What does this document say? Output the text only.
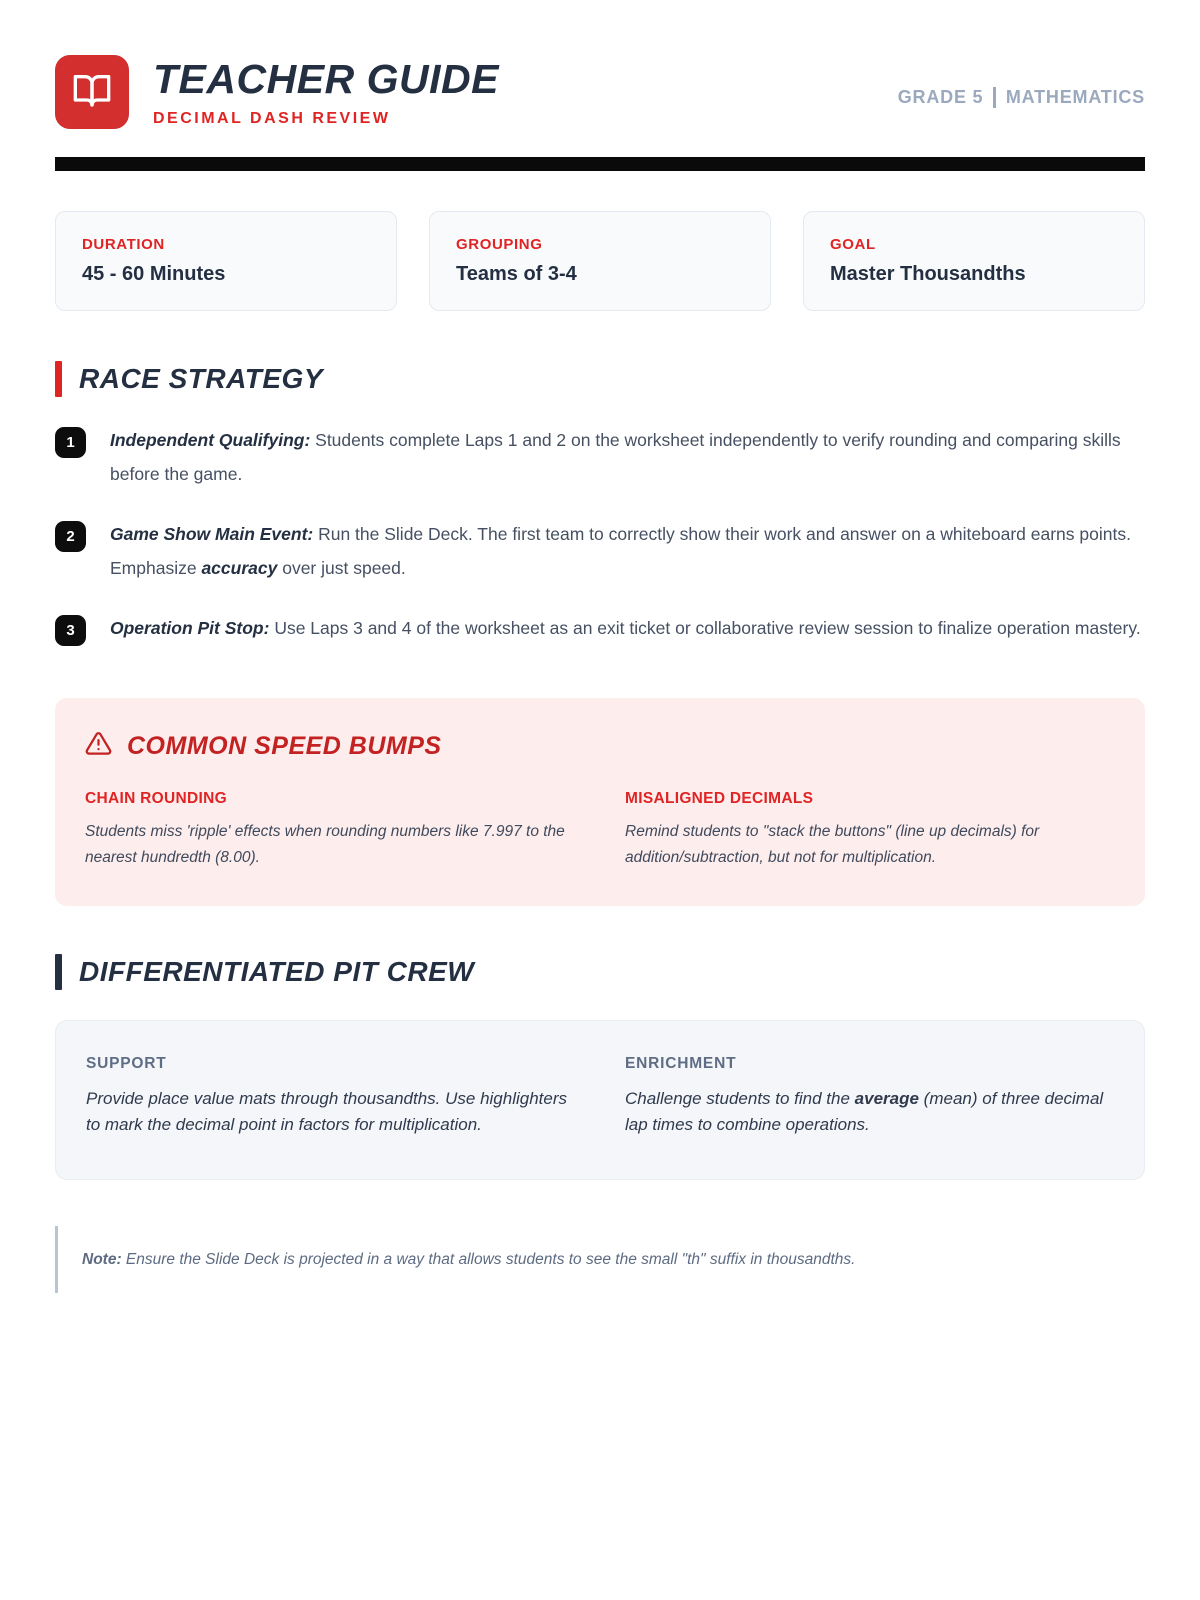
TEACHER GUIDE
DECIMAL DASH REVIEW
GRADE 5 MATHEMATICS
DURATION
45 - 60 Minutes
GROUPING
Teams of 3-4
GOAL
Master Thousandths
RACE STRATEGY
1	Independent Qualifying: Students complete Laps 1 and 2 on the worksheet independently to verify rounding and comparing skills before the game.
2	Game Show Main Event: Run the Slide Deck. The first team to correctly show their work and answer on a whiteboard earns points. Emphasize accuracy over just speed.
3	Operation Pit Stop: Use Laps 3 and 4 of the worksheet as an exit ticket or collaborative review session to finalize operation mastery.
COMMON SPEED BUMPS
CHAIN ROUNDING
Students miss 'ripple' effects when rounding numbers like 7.997 to the nearest hundredth (8.00).
MISALIGNED DECIMALS
Remind students to "stack the buttons" (line up decimals) for addition/subtraction, but not for multiplication.
DIFFERENTIATED PIT CREW
SUPPORT
Provide place value mats through thousandths. Use highlighters to mark the decimal point in factors for multiplication.
ENRICHMENT
Challenge students to find the average (mean) of three decimal lap times to combine operations.
Note: Ensure the Slide Deck is projected in a way that allows students to see the small "th" suffix in thousandths.
